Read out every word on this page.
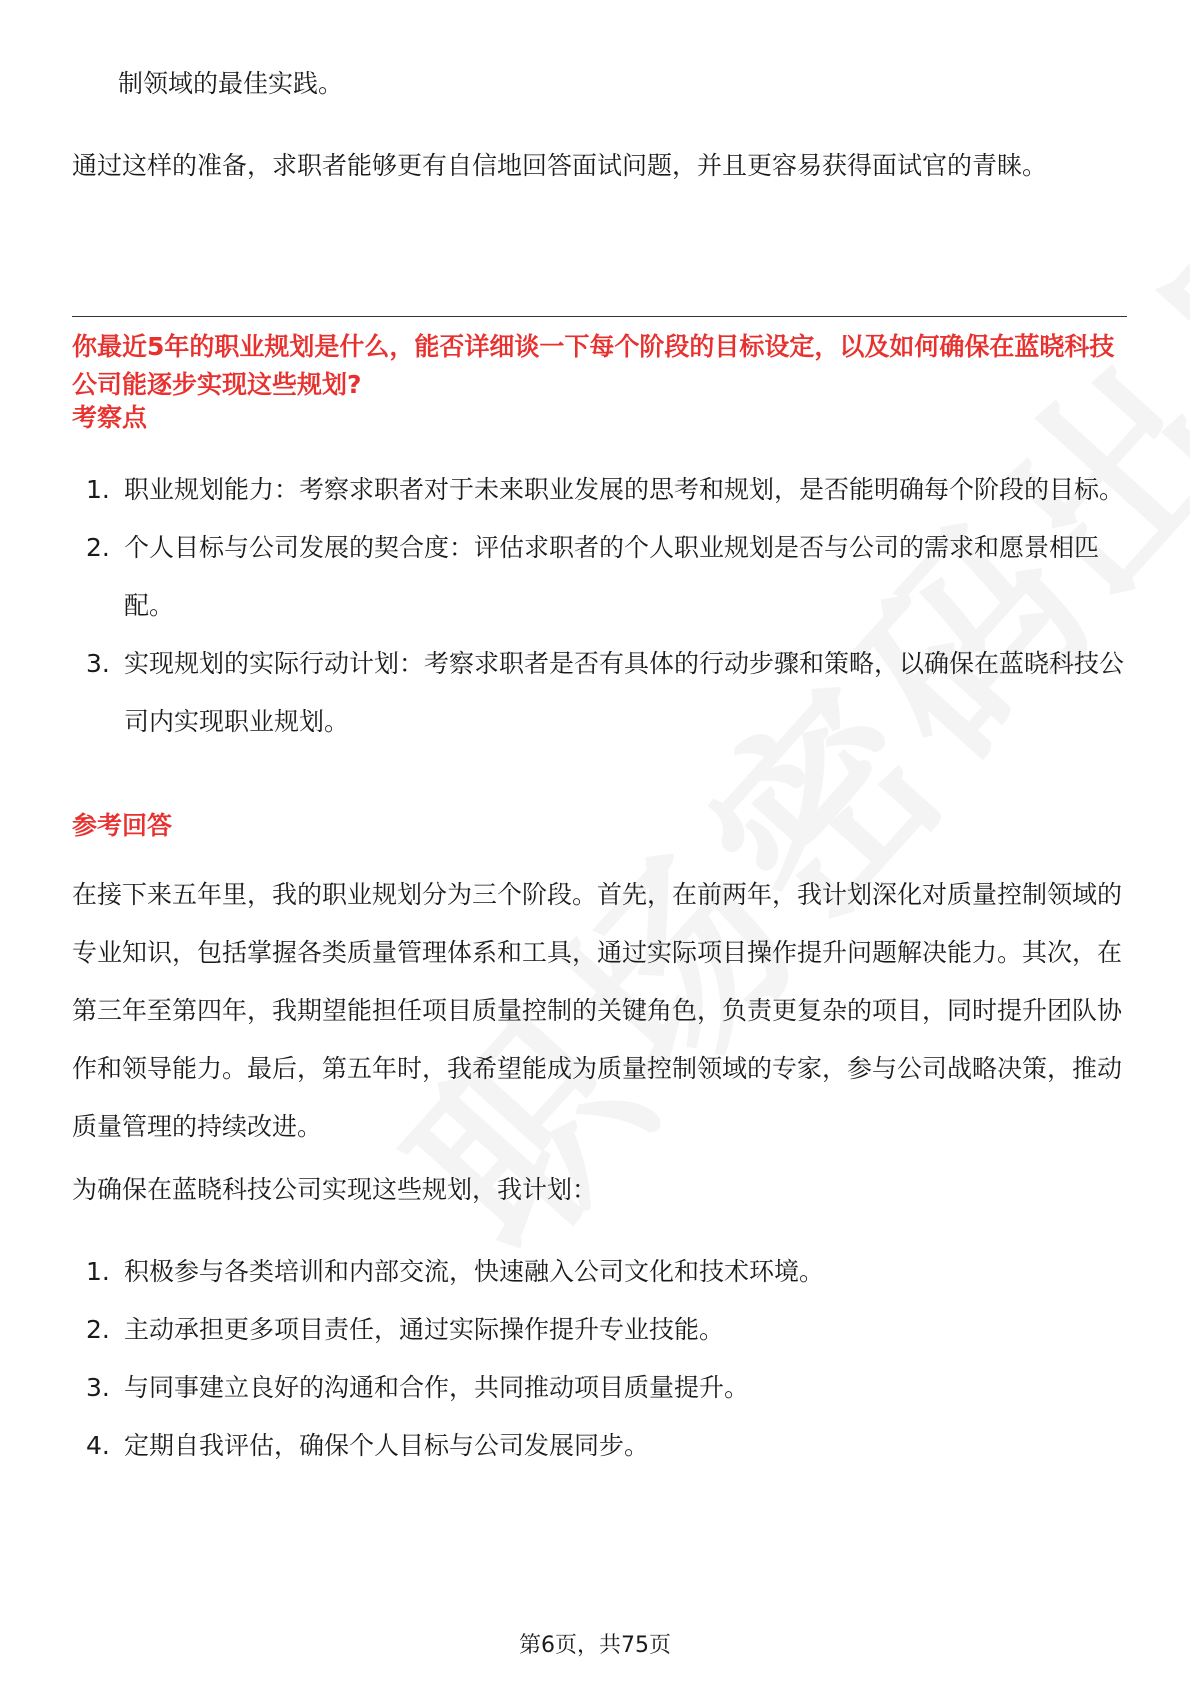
制领域的最佳实践。
通过这样的准备，求职者能够更有自信地回答面试问题，并且更容易获得面试官的青睐。
你最近5年的职业规划是什么，能否详细谈一下每个阶段的目标设定，以及如何确保在蓝晓科技公司能逐步实现这些规划?
考察点
1. 职业规划能力：考察求职者对于未来职业发展的思考和规划，是否能明确每个阶段的目标。
2. 个人目标与公司发展的契合度：评估求职者的个人职业规划是否与公司的需求和愿景相匹配。
3. 实现规划的实际行动计划：考察求职者是否有具体的行动步骤和策略，以确保在蓝晓科技公司内实现职业规划。
参考回答
在接下来五年里，我的职业规划分为三个阶段。首先，在前两年，我计划深化对质量控制领域的专业知识，包括掌握各类质量管理体系和工具，通过实际项目操作提升问题解决能力。其次，在第三年至第四年，我期望能担任项目质量控制的关键角色，负责更复杂的项目，同时提升团队协作和领导能力。最后，第五年时，我希望能成为质量控制领域的专家，参与公司战略决策，推动质量管理的持续改进。
为确保在蓝晓科技公司实现这些规划，我计划：
1. 积极参与各类培训和内部交流，快速融入公司文化和技术环境。
2. 主动承担更多项目责任，通过实际操作提升专业技能。
3. 与同事建立良好的沟通和合作，共同推动项目质量提升。
4. 定期自我评估，确保个人目标与公司发展同步。
第6页，共75页
